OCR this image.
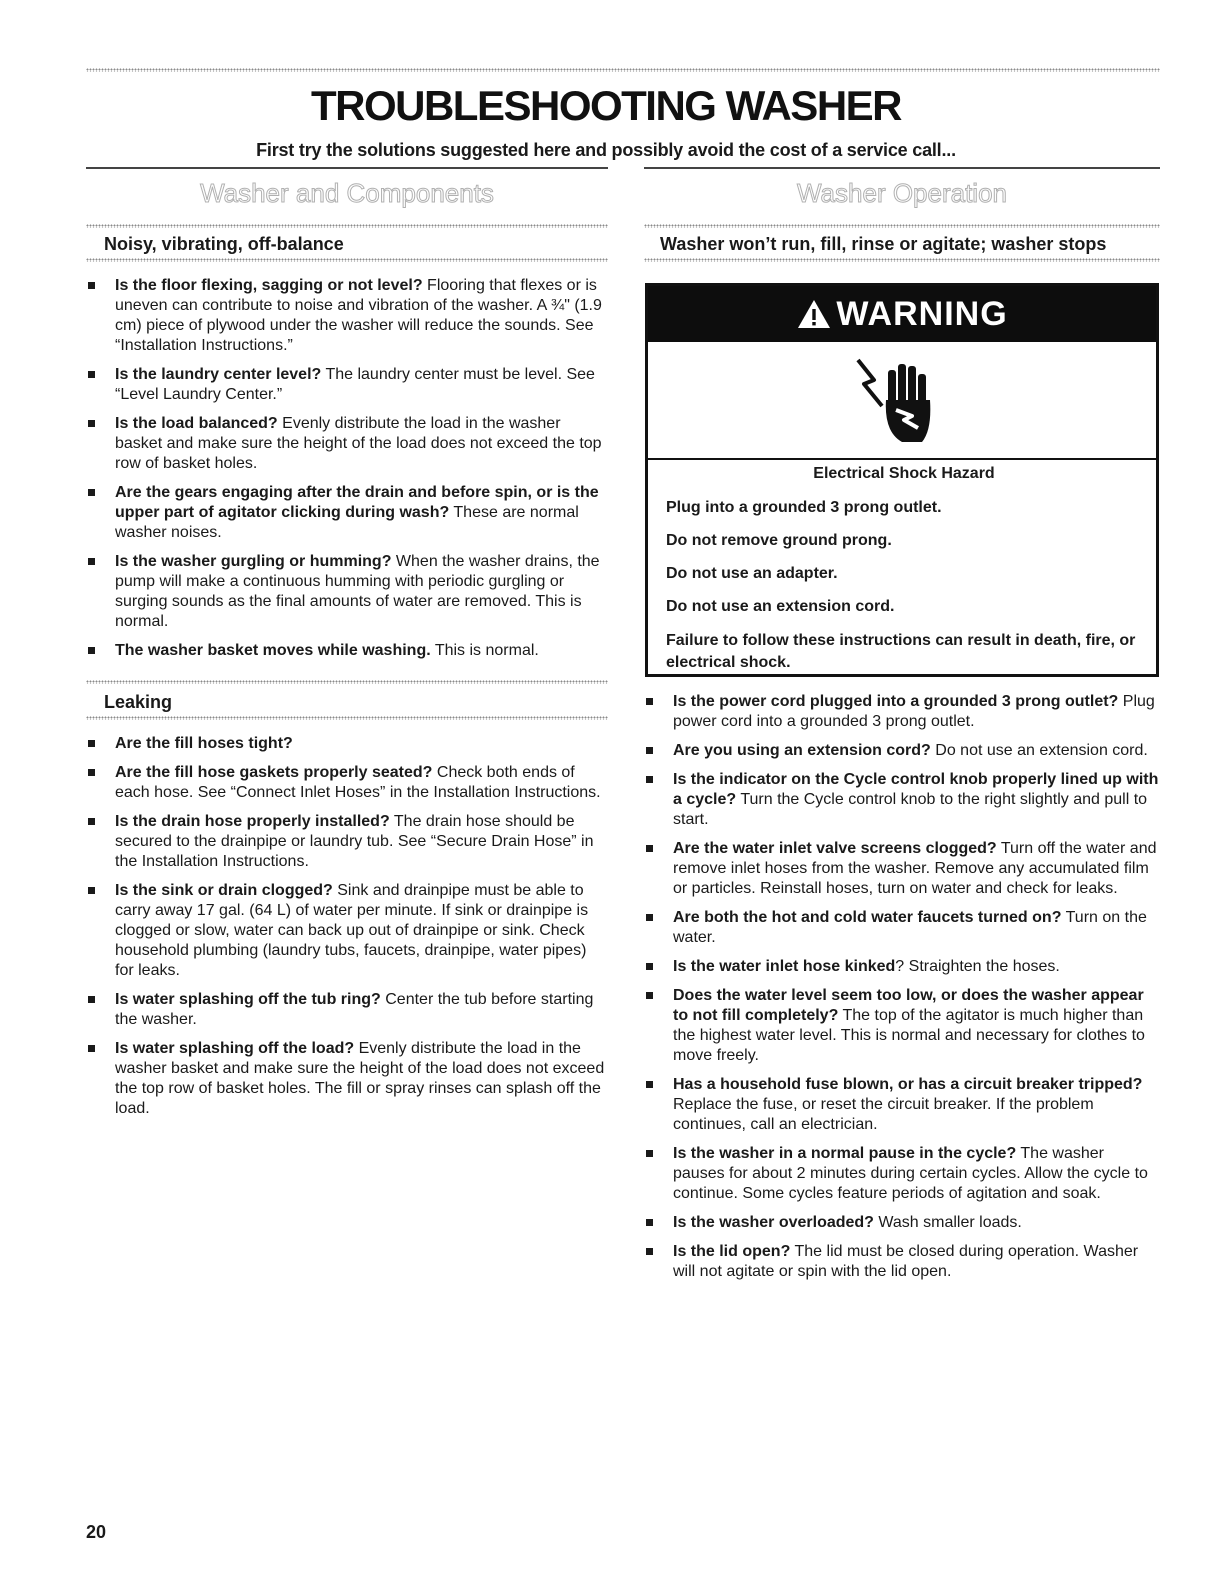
TROUBLESHOOTING WASHER
First try the solutions suggested here and possibly avoid the cost of a service call...
Washer and Components
Noisy, vibrating, off-balance
Is the floor flexing, sagging or not level? Flooring that flexes or is uneven can contribute to noise and vibration of the washer. A ¾" (1.9 cm) piece of plywood under the washer will reduce the sounds. See “Installation Instructions.”
Is the laundry center level? The laundry center must be level. See “Level Laundry Center.”
Is the load balanced? Evenly distribute the load in the washer basket and make sure the height of the load does not exceed the top row of basket holes.
Are the gears engaging after the drain and before spin, or is the upper part of agitator clicking during wash? These are normal washer noises.
Is the washer gurgling or humming? When the washer drains, the pump will make a continuous humming with periodic gurgling or surging sounds as the final amounts of water are removed. This is normal.
The washer basket moves while washing. This is normal.
Leaking
Are the fill hoses tight?
Are the fill hose gaskets properly seated? Check both ends of each hose. See “Connect Inlet Hoses” in the Installation Instructions.
Is the drain hose properly installed? The drain hose should be secured to the drainpipe or laundry tub. See “Secure Drain Hose” in the Installation Instructions.
Is the sink or drain clogged? Sink and drainpipe must be able to carry away 17 gal. (64 L) of water per minute. If sink or drainpipe is clogged or slow, water can back up out of drainpipe or sink. Check household plumbing (laundry tubs, faucets, drainpipe, water pipes) for leaks.
Is water splashing off the tub ring? Center the tub before starting the washer.
Is water splashing off the load? Evenly distribute the load in the washer basket and make sure the height of the load does not exceed the top row of basket holes. The fill or spray rinses can splash off the load.
Washer Operation
Washer won’t run, fill, rinse or agitate; washer stops
WARNING

Electrical Shock Hazard

Plug into a grounded 3 prong outlet.

Do not remove ground prong.

Do not use an adapter.

Do not use an extension cord.

Failure to follow these instructions can result in death, fire, or electrical shock.

Is the power cord plugged into a grounded 3 prong outlet? Plug power cord into a grounded 3 prong outlet.
Are you using an extension cord? Do not use an extension cord.
Is the indicator on the Cycle control knob properly lined up with a cycle? Turn the Cycle control knob to the right slightly and pull to start.
Are the water inlet valve screens clogged? Turn off the water and remove inlet hoses from the washer. Remove any accumulated film or particles. Reinstall hoses, turn on water and check for leaks.
Are both the hot and cold water faucets turned on? Turn on the water.
Is the water inlet hose kinked? Straighten the hoses.
Does the water level seem too low, or does the washer appear to not fill completely? The top of the agitator is much higher than the highest water level. This is normal and necessary for clothes to move freely.
Has a household fuse blown, or has a circuit breaker tripped? Replace the fuse, or reset the circuit breaker. If the problem continues, call an electrician.
Is the washer in a normal pause in the cycle? The washer pauses for about 2 minutes during certain cycles. Allow the cycle to continue. Some cycles feature periods of agitation and soak.
Is the washer overloaded? Wash smaller loads.
Is the lid open? The lid must be closed during operation. Washer will not agitate or spin with the lid open.
20
